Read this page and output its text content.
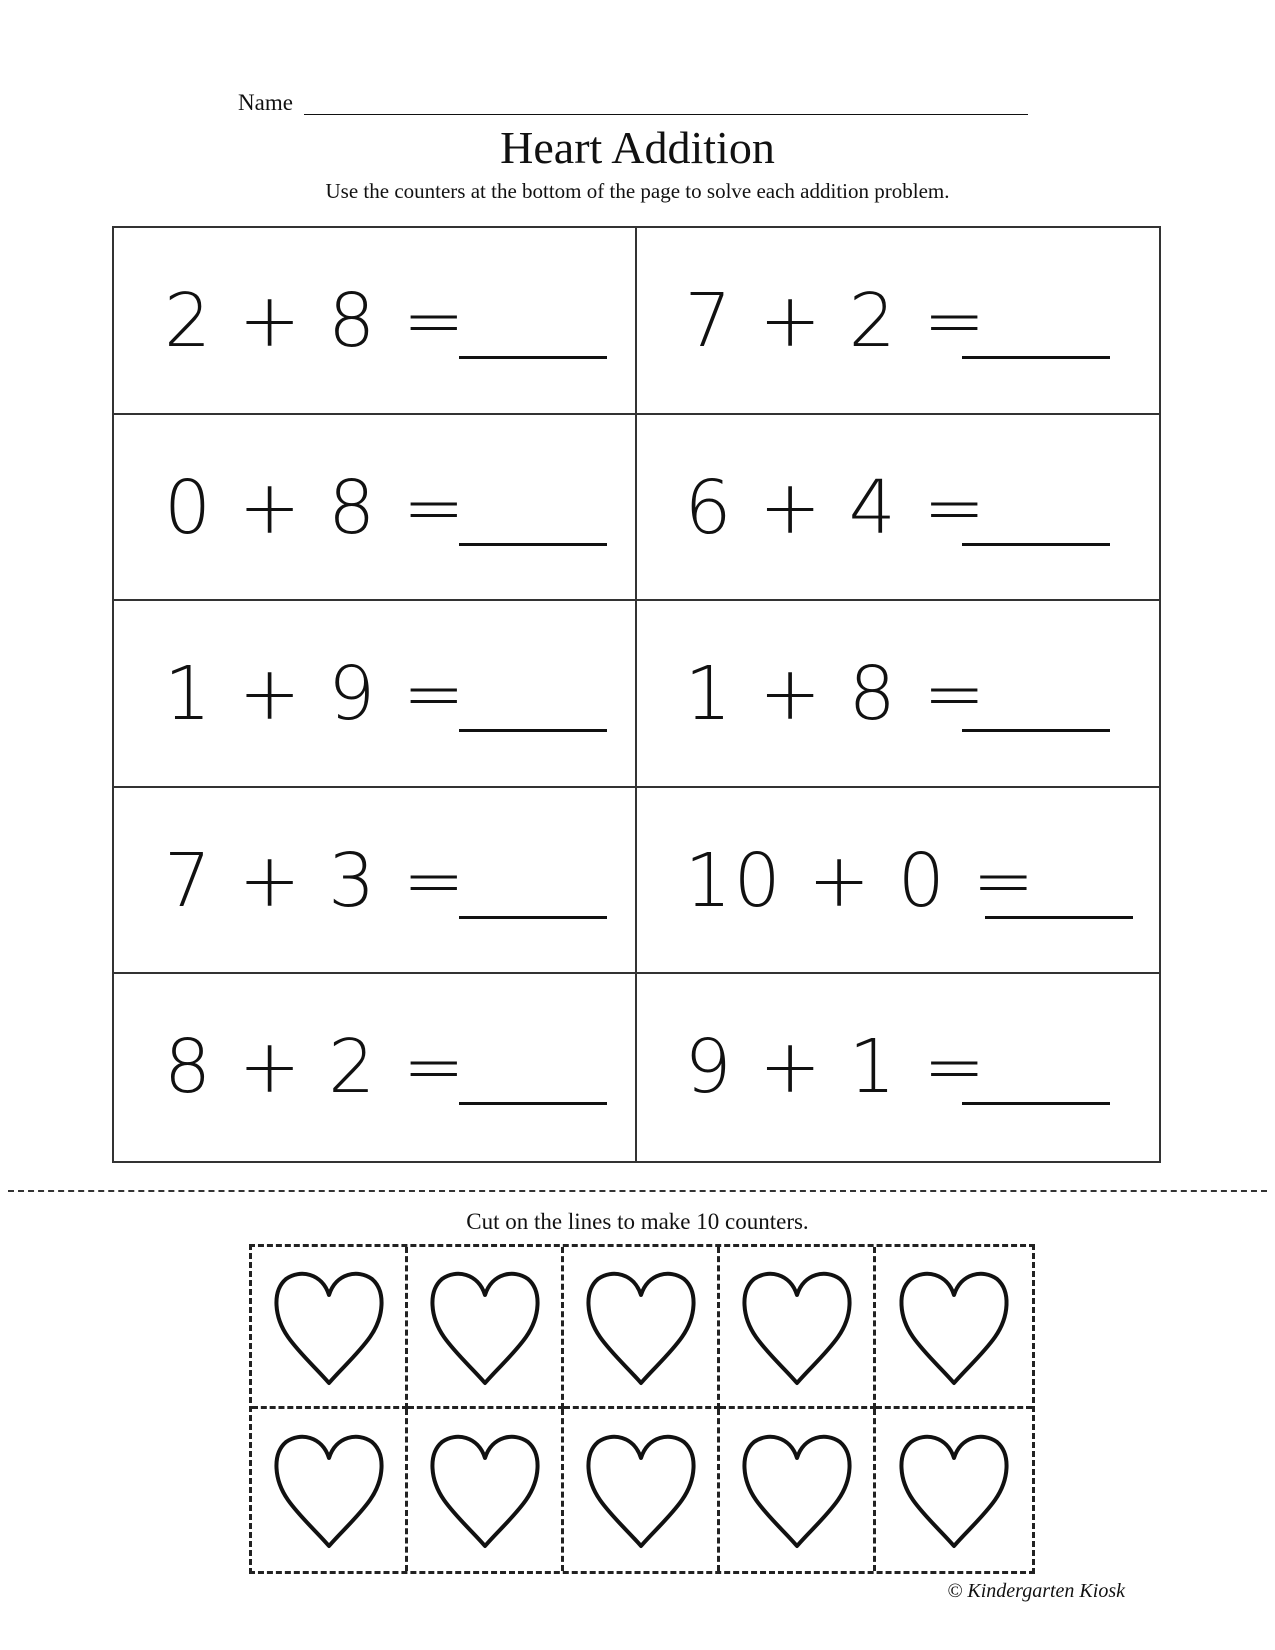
Name
Heart Addition
Use the counters at the bottom of the page to solve each addition problem.
2 + 8 =	7 + 2 =
0 + 8 =	6 + 4 =
1 + 9 =	1 + 8 =
7 + 3 =	10 + 0 =
8 + 2 =	9 + 1 =
Cut on the lines to make 10 counters.
© Kindergarten Kiosk
